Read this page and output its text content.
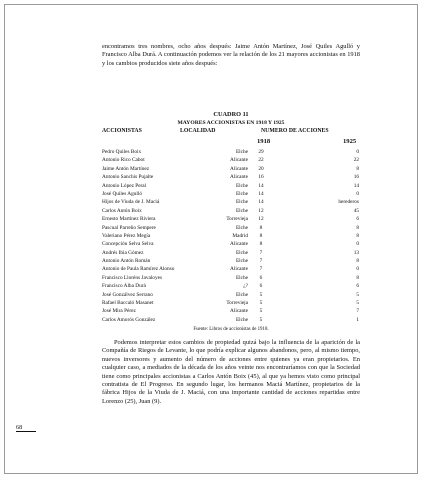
encontramos tres nombres, ocho años después: Jaime Antón Martínez, José Quiles Agulló y Francisco Alba Durá. A continuación podemos ver la relación de los 21 mayores accionistas en 1918 y los cambios producidos siete años después:

CUADRO 11
MAYORES ACCIONISTAS EN 1918 Y 1925
ACCIONISTAS	LOCALIDAD	NUMERO DE ACCIONES
1918	1925
Pedro Quiles Boix	Elche	29	0
Antonio Rico Cabot	Alicante	22	22
Jaime Antón Martínez	Alicante	20	8
Antonio Sanchis Pujalte	Alicante	16	16
Antonio López Peral	Elche	14	14
José Quiles Agulló	Elche	14	0
Hijos de Viuda de J. Maciá	Elche	14	herederos
Carlos Antón Boix	Elche	12	45
Ernesto Martínez Riviera	Torrevieja	12	6
Pascual Parreño Sempere	Elche	8	8
Valeriano Pérez Megía	Madrid	8	8
Concepción Selva Selva	Alicante	8	0
Andrés Ibia Gómez	Elche	7	13
Antonio Antón Román	Elche	7	8
Antonio de Paula Ramírez Alonso	Alicante	7	0
Francisco Lloréns Javaloyes	Elche	6	8
Francisco Alba Durá	¿?	6	6
José Gonzálvez Serrano	Elche	5	5
Rafael Baccaló Masanet	Torrevieja	5	5
José Mira Pérez	Alicante	5	7
Carlos Amorós González	Elche	5	1
Fuente: Libros de accionistas de 1918.

Podemos interpretar estos cambios de propiedad quizá bajo la influencia de la aparición de la Compañía de Riegos de Levante, lo que podría explicar algunos abandonos, pero, al mismo tiempo, nuevos inversores y aumento del número de acciones entre quienes ya eran propietarios. En cualquier caso, a mediados de la década de los años veinte nos encontraríamos con que la Sociedad tiene como principales accionistas a Carlos Antón Boix (45), al que ya hemos visto como principal contratista de El Progreso. En segundo lugar, los hermanos Maciá Martínez, propietarios de la fábrica Hijos de la Viuda de J. Maciá, con una importante cantidad de acciones repartidas entre Lorenzo (25), Juan (9).

68
